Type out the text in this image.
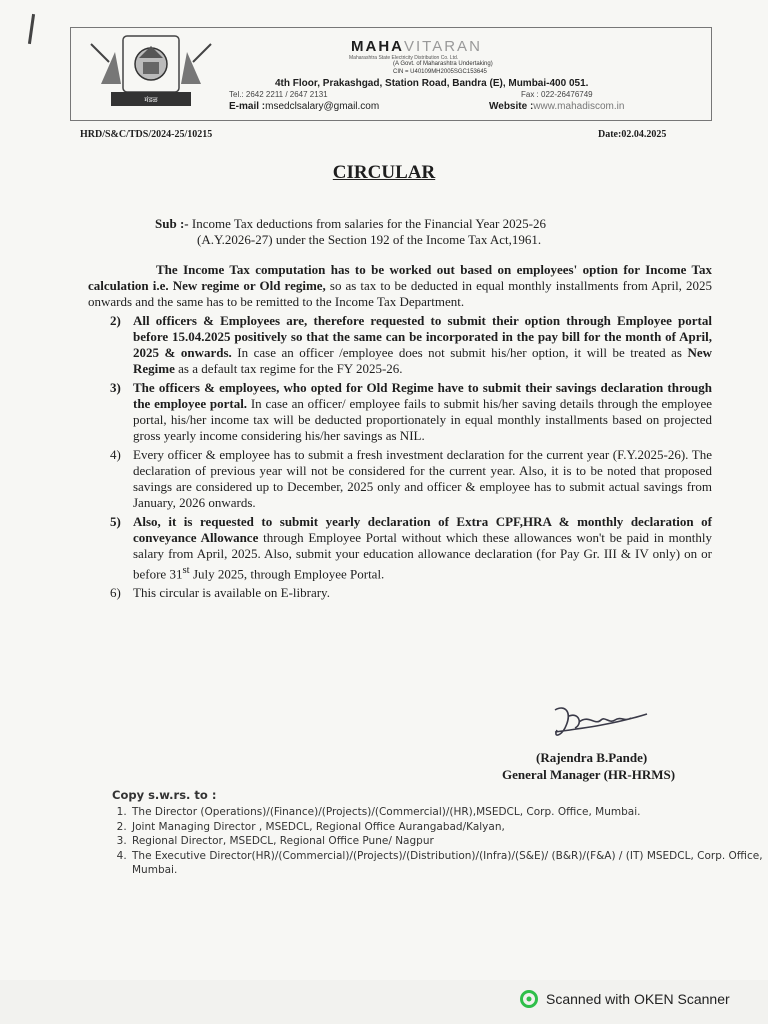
मंडळ
MAHAVITARAN
Maharashtra State Electricity Distribution Co. Ltd.
(A Govt. of Maharashtra Undertaking)
CIN = U40109MH2005SGC153645
4th Floor, Prakashgad, Station Road, Bandra (E), Mumbai-400 051.
Tel.: 2642 2211 / 2647 2131	Fax : 022-26476749
E-mail :msedclsalary@gmail.com	Website :www.mahadiscom.in
HRD/S&C/TDS/2024-25/10215	Date:02.04.2025
CIRCULAR
Sub :- Income Tax deductions from salaries for the Financial Year 2025-26
(A.Y.2026-27) under the Section 192 of the Income Tax Act,1961.

The Income Tax computation has to be worked out based on employees' option for Income Tax calculation i.e. New regime or Old regime, so as tax to be deducted in equal monthly installments from April, 2025 onwards and the same has to be remitted to the Income Tax Department.

2) All officers & Employees are, therefore requested to submit their option through Employee portal before 15.04.2025 positively so that the same can be incorporated in the pay bill for the month of April, 2025 & onwards. In case an officer /employee does not submit his/her option, it will be treated as New Regime as a default tax regime for the FY 2025-26.
3) The officers & employees, who opted for Old Regime have to submit their savings declaration through the employee portal. In case an officer/ employee fails to submit his/her saving details through the employee portal, his/her income tax will be deducted proportionately in equal monthly installments based on projected gross yearly income considering his/her savings as NIL.
4) Every officer & employee has to submit a fresh investment declaration for the current year (F.Y.2025-26). The declaration of previous year will not be considered for the current year. Also, it is to be noted that proposed savings are considered up to December, 2025 only and officer & employee has to submit actual savings from January, 2026 onwards.
5) Also, it is requested to submit yearly declaration of Extra CPF,HRA & monthly declaration of conveyance Allowance through Employee Portal without which these allowances won't be paid in monthly salary from April, 2025. Also, submit your education allowance declaration (for Pay Gr. III & IV only) on or before 31st July 2025, through Employee Portal.
6) This circular is available on E-library.
(Rajendra B.Pande)
General Manager (HR-HRMS)
Copy s.w.rs. to :
1. The Director (Operations)/(Finance)/(Projects)/(Commercial)/(HR),MSEDCL, Corp. Office, Mumbai.
2. Joint Managing Director , MSEDCL, Regional Office Aurangabad/Kalyan,
3. Regional Director, MSEDCL, Regional Office Pune/ Nagpur
4. The Executive Director(HR)/(Commercial)/(Projects)/(Distribution)/(Infra)/(S&E)/ (B&R)/(F&A) / (IT) MSEDCL, Corp. Office, Mumbai.
Scanned with OKEN Scanner
